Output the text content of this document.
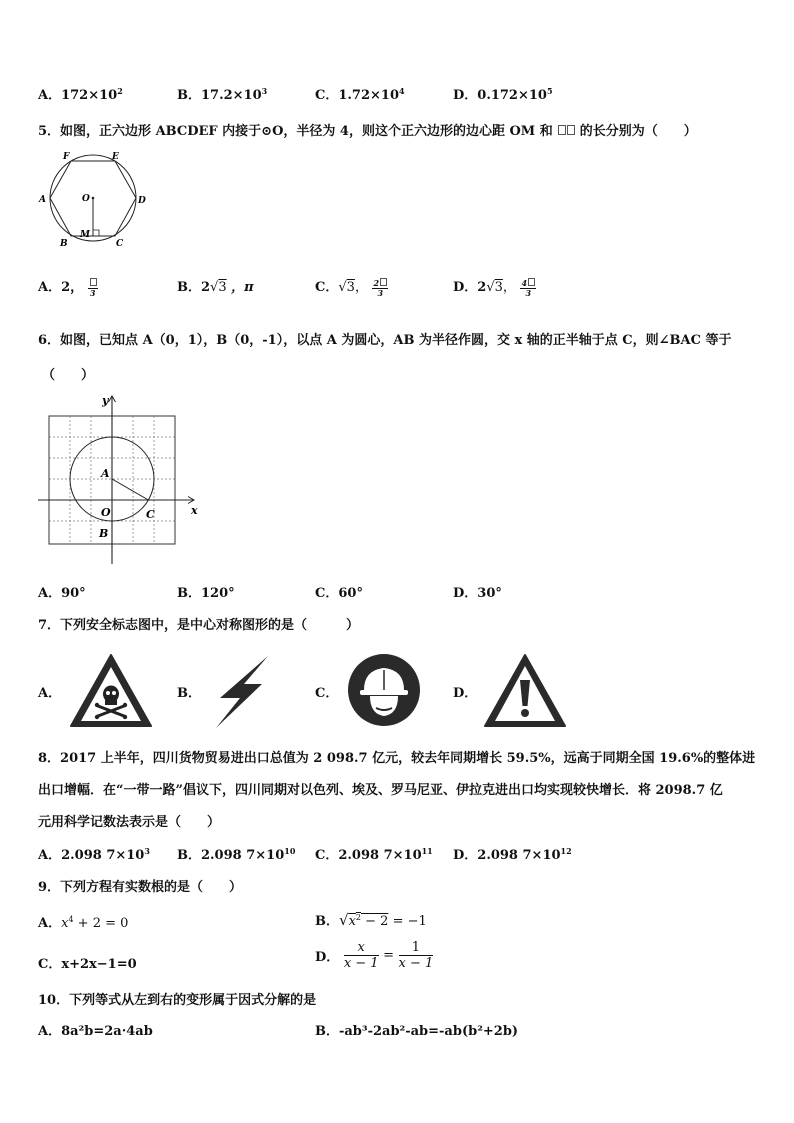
A．$172\times 10^2$	B．$17.2\times 10^3$	C．$1.72\times 10^4$	D．$0.172\times 10^5$
5．如图，正六边形 ABCDEF 内接于⊙O，半径为 4，则这个正六边形的边心距 OM 和 的长分别为（　　）
F	E
A	D
O
B
M
C
A．2， 3	B．2√3 ，π	C．√3， $\frac{2}{3}$	D．2√3， $\frac{4}{3}$
6．如图，已知点 A（0，1），B（0，-1），以点 A 为圆心，AB 为半径作圆，交 x 轴的正半轴于点 C，则∠BAC 等于
（　　）
y
x
A
O
B
C
A．90°	B．120°	C．60°	D．30°
7．下列安全标志图中，是中心对称图形的是（　　　）
A．	B．	C．	D．
8．2017 上半年，四川货物贸易进出口总值为 2 098.7 亿元，较去年同期增长 59.5%，远高于同期全国 19.6%的整体进
出口增幅．在“一带一路”倡议下，四川同期对以色列、埃及、罗马尼亚、伊拉克进出口均实现较快增长．将 2098.7 亿
元用科学记数法表示是（　　）
A．2.098 $7\times 10^3$ B．2.098 $7\times 10^{10}$ C．2.098 $7\times 10^{11}$ D．2.098 $7\times 10^{12}$
9．下列方程有实数根的是（　　）
A．$x^4 + 2 = 0$	B．$√x^2 - 2 = -1$
C．x+2x−1=0	D． $\frac{x}{x - 1} = \frac{1}{x - 1}$
10．下列等式从左到右的变形属于因式分解的是
A．8a²b=2a·4ab	B．-ab³-2ab²-ab=-ab(b²+2b)
